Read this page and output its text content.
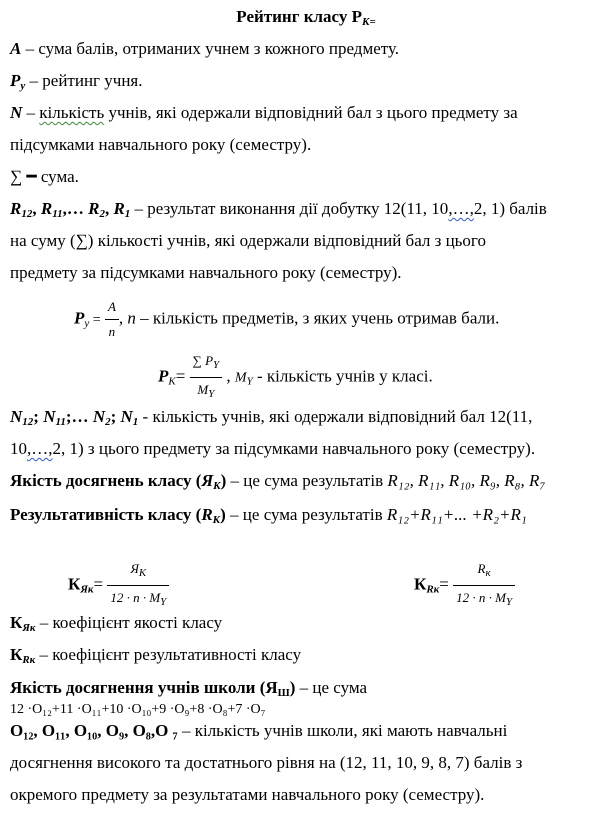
Рейтинг класу РК=
А – сума балів, отриманих учнем з кожного предмету.
Ру – рейтинг учня.
N – кількість учнів, які одержали відповідний бал з цього предмету за
підсумками навчального року (семестру).
∑ ━ сума.
R12, R11,… R2, R1 – результат виконання дії добутку 12(11, 10,…,2, 1) балів
на суму (∑) кількості учнів, які одержали відповідний бал з цього
предмету за підсумками навчального року (семестру).
Ру = $\frac{А}{n}$ , n – кількість предметів, з яких учень отримав бали.
$РК= \frac{\sum P_Y}{M_Y}$ , MY - кількість учнів у класі.
N12; N11;… N2; N1 - кількість учнів, які одержали відповідний бал 12(11,
10,…,2, 1) з цього предмету за підсумками навчального року (семестру).
Якість досягнень класу (ЯК) – це сума результатів R₁₂, R₁₁, R₁₀, R₉, R₈, R₇
Результативність класу (RК) – це сума результатів R₁₂+R₁₁+... +R₂+R₁
$КЯк= \frac{Я_К}{12 \cdot n \cdot M_Y}$	$КRк= \frac{R_к}{12 \cdot n \cdot M_Y}$
КЯк – коефіцієнт якості класу
КRк – коефіцієнт результативності класу
Якість досягнення учнів школи $(Я_Ш)$ – це сума
12 ·O₁₂+11 ·O₁₁+10 ·O₁₀+9 ·O₉+8 ·O₈+7 ·O₇
O₁₂, O₁₁, O₁₀, O₉, O₈,O ₇ – кількість учнів школи, які мають навчальні
досягнення високого та достатнього рівня на (12, 11, 10, 9, 8, 7) балів з
окремого предмету за результатами навчального року (семестру).
